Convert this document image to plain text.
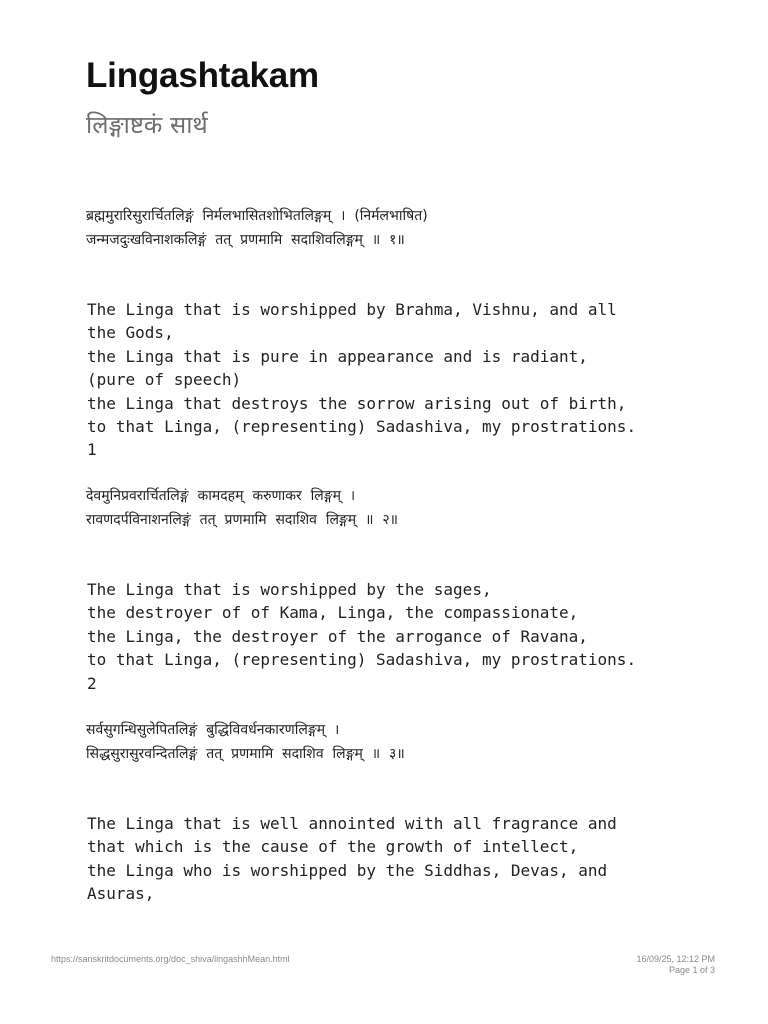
Lingashtakam
लिङ्गाष्टकं सार्थ
ब्रह्ममुरारिसुरार्चितलिङ्गं  निर्मलभासितशोभितलिङ्गम्  ।  (निर्मलभाषित)
जन्मजदुःखविनाशकलिङ्गं  तत्  प्रणमामि  सदाशिवलिङ्गम्  ॥  १॥
The Linga that is worshipped by Brahma, Vishnu, and all
the Gods,
the Linga that is pure in appearance and is radiant,
(pure of speech)
the Linga that destroys the sorrow arising out of birth,
to that Linga, (representing) Sadashiva, my prostrations.
1
देवमुनिप्रवरार्चितलिङ्गं  कामदहम्  करुणाकर  लिङ्गम्  ।
रावणदर्पविनाशनलिङ्गं  तत्  प्रणमामि  सदाशिव  लिङ्गम्  ॥  २॥
The Linga that is worshipped by the sages,
the destroyer of of Kama, Linga, the compassionate,
the Linga, the destroyer of the arrogance of Ravana,
to that Linga, (representing) Sadashiva, my prostrations.
2
सर्वसुगन्धिसुलेपितलिङ्गं  बुद्धिविवर्धनकारणलिङ्गम्  ।
सिद्धसुरासुरवन्दितलिङ्गं  तत्  प्रणमामि  सदाशिव  लिङ्गम्  ॥  ३॥
The Linga that is well annointed with all fragrance and
that which is the cause of the growth of intellect,
the Linga who is worshipped by the Siddhas, Devas, and
Asuras,
https://sanskritdocuments.org/doc_shiva/lingashhMean.html	16/09/25, 12:12 PM
Page 1 of 3
